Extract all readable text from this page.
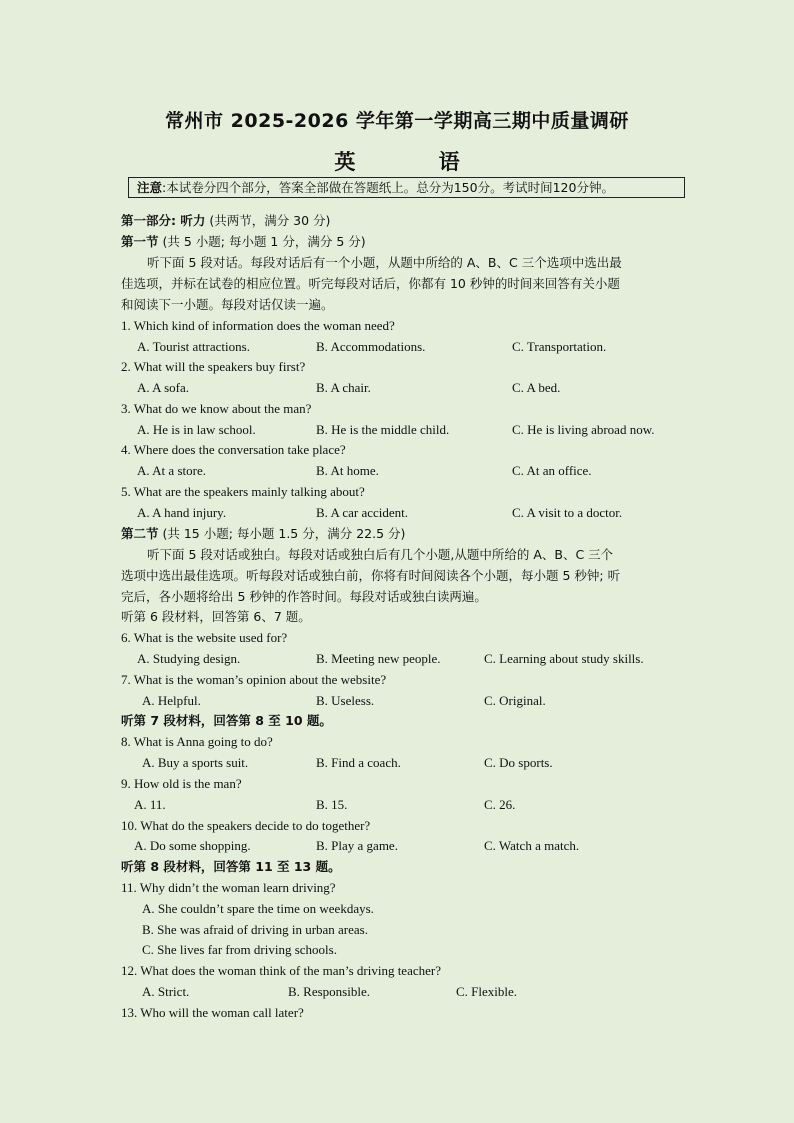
常州市 2025-2026 学年第一学期高三期中质量调研
英 语
注意:本试卷分四个部分，答案全部做在答题纸上。总分为150分。考试时间120分钟。
第一部分: 听力 (共两节，满分 30 分)
第一节 (共 5 小题; 每小题 1 分，满分 5 分)
听下面 5 段对话。每段对话后有一个小题，从题中所给的 A、B、C 三个选项中选出最
佳选项，并标在试卷的相应位置。听完每段对话后，你都有 10 秒钟的时间来回答有关小题
和阅读下一小题。每段对话仅读一遍。
1. Which kind of information does the woman need?
A. Tourist attractions.	B. Accommodations.	C. Transportation.
2. What will the speakers buy first?
A. A sofa.	B. A chair.	C. A bed.
3. What do we know about the man?
A. He is in law school.	B. He is the middle child.	C. He is living abroad now.
4. Where does the conversation take place?
A. At a store.	B. At home.	C. At an office.
5. What are the speakers mainly talking about?
A. A hand injury.	B. A car accident.	C. A visit to a doctor.
第二节 (共 15 小题; 每小题 1.5 分，满分 22.5 分)
听下面 5 段对话或独白。每段对话或独白后有几个小题,从题中所给的 A、B、C 三个
选项中选出最佳选项。听每段对话或独白前，你将有时间阅读各个小题，每小题 5 秒钟; 听
完后，各小题将给出 5 秒钟的作答时间。每段对话或独白读两遍。
听第 6 段材料，回答第 6、7 题。
6. What is the website used for?
A. Studying design.	B. Meeting new people.	C. Learning about study skills.
7. What is the woman’s opinion about the website?
A. Helpful.	B. Useless.	C. Original.
听第 7 段材料，回答第 8 至 10 题。
8. What is Anna going to do?
A. Buy a sports suit.	B. Find a coach.	C. Do sports.
9. How old is the man?
A. 11.	B. 15.	C. 26.
10. What do the speakers decide to do together?
A. Do some shopping.	B. Play a game.	C. Watch a match.
听第 8 段材料，回答第 11 至 13 题。
11. Why didn’t the woman learn driving?
A. She couldn’t spare the time on weekdays.
B. She was afraid of driving in urban areas.
C. She lives far from driving schools.
12. What does the woman think of the man’s driving teacher?
A. Strict.	B. Responsible.	C. Flexible.
13. Who will the woman call later?
